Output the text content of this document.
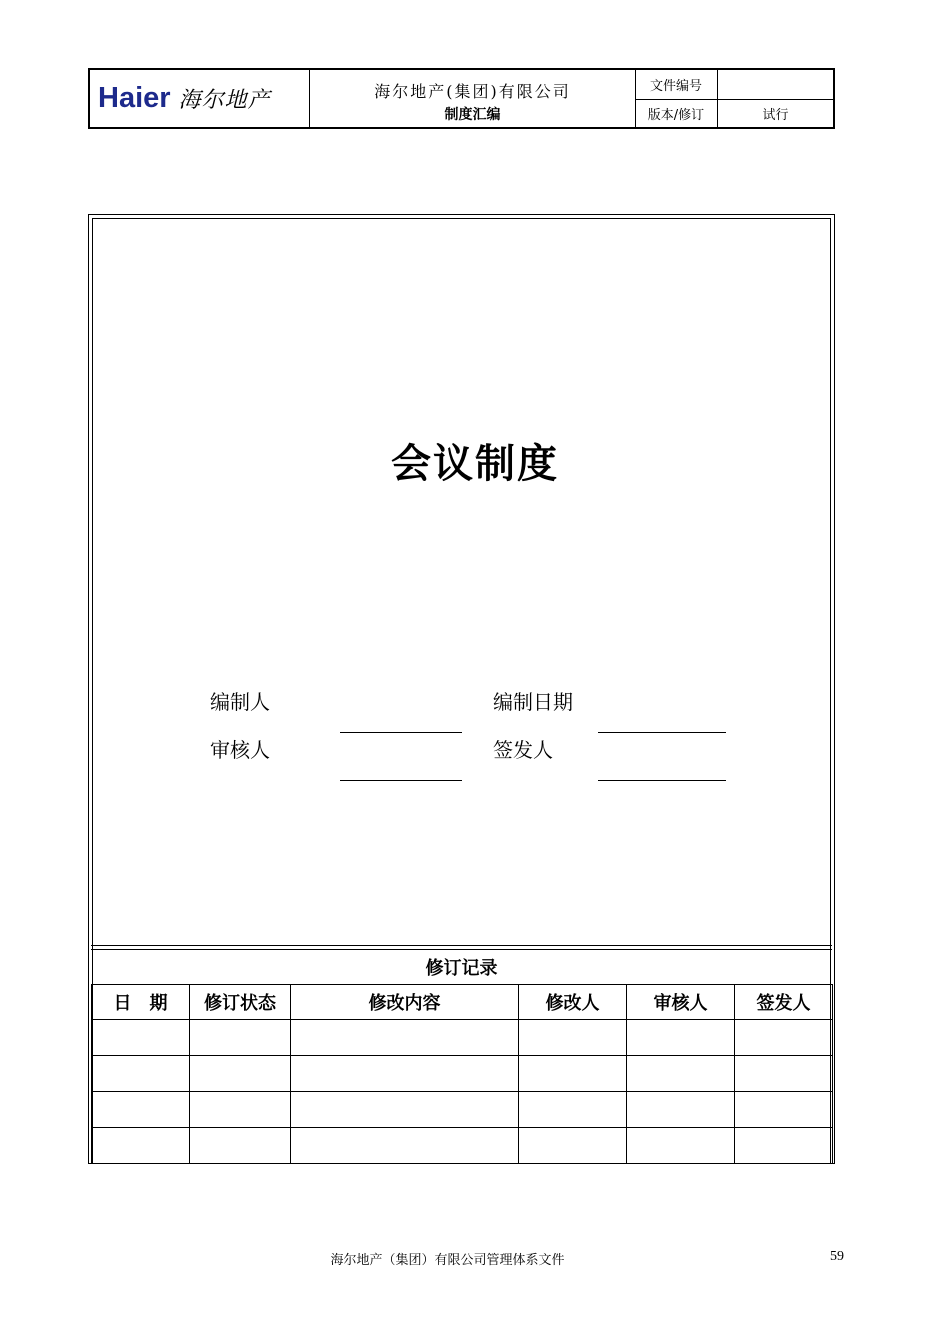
Haier 海尔地产	海尔地产(集团)有限公司
制度汇编
文件编号
版本/修订	试行
会议制度
编制人	编制日期
审核人	签发人
修订记录
日　期	修订状态	修改内容	修改人	审核人	签发人

海尔地产（集团）有限公司管理体系文件	59
